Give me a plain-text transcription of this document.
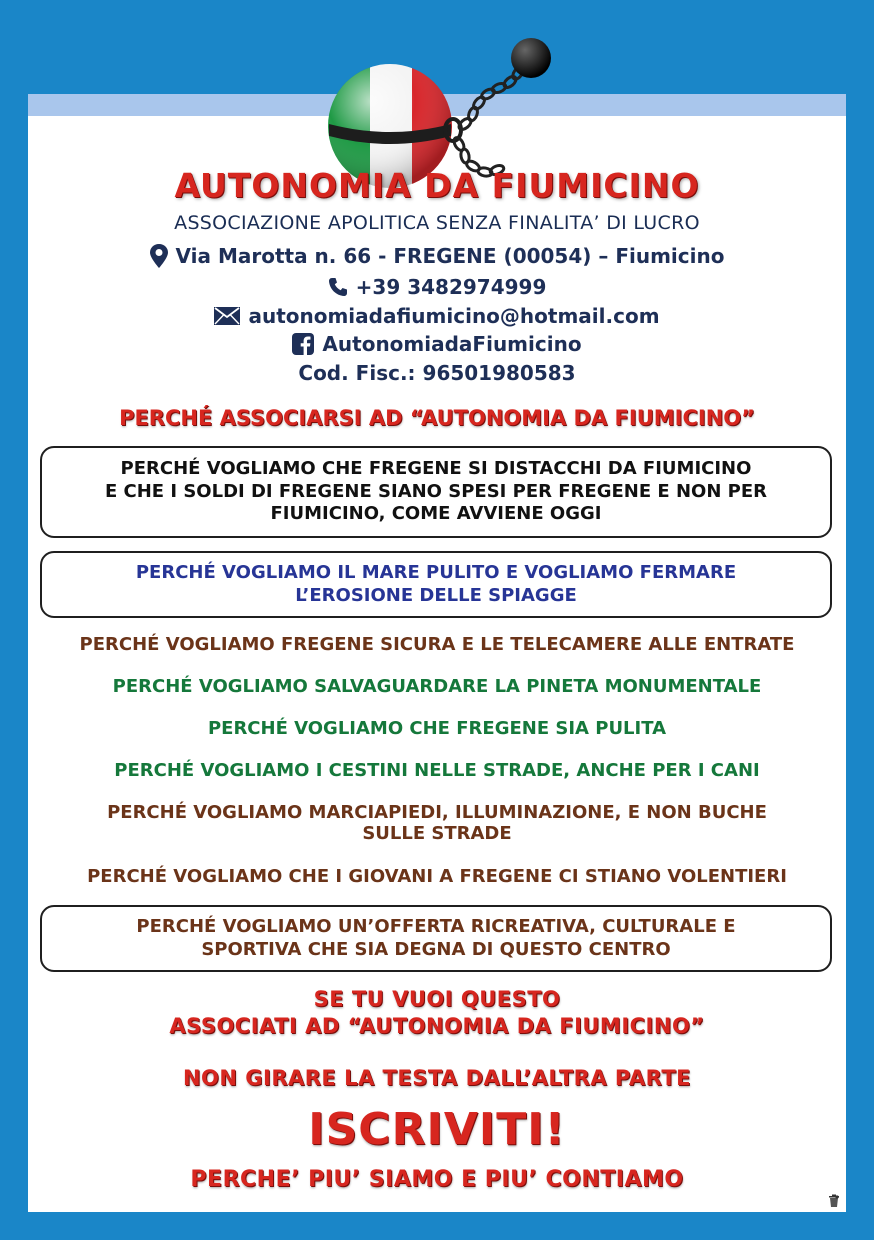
AUTONOMIA DA FIUMICINO
ASSOCIAZIONE APOLITICA SENZA FINALITA’ DI LUCRO
Via Marotta n. 66 - FREGENE (00054) – Fiumicino
+39 3482974999
autonomiadafiumicino@hotmail.com
AutonomiadaFiumicino
Cod. Fisc.: 96501980583
PERCHÉ ASSOCIARSI AD “AUTONOMIA DA FIUMICINO”
PERCHÉ VOGLIAMO CHE FREGENE SI DISTACCHI DA FIUMICINO
E CHE I SOLDI DI FREGENE SIANO SPESI PER FREGENE E NON PER
FIUMICINO, COME AVVIENE OGGI
PERCHÉ VOGLIAMO IL MARE PULITO E VOGLIAMO FERMARE
L’EROSIONE DELLE SPIAGGE
PERCHÉ VOGLIAMO FREGENE SICURA E LE TELECAMERE ALLE ENTRATE
PERCHÉ VOGLIAMO SALVAGUARDARE LA PINETA MONUMENTALE
PERCHÉ VOGLIAMO CHE FREGENE SIA PULITA
PERCHÉ VOGLIAMO I CESTINI NELLE STRADE, ANCHE PER I CANI
PERCHÉ VOGLIAMO MARCIAPIEDI, ILLUMINAZIONE, E NON BUCHE
SULLE STRADE
PERCHÉ VOGLIAMO CHE I GIOVANI A FREGENE CI STIANO VOLENTIERI
PERCHÉ VOGLIAMO UN’OFFERTA RICREATIVA, CULTURALE E
SPORTIVA CHE SIA DEGNA DI QUESTO CENTRO
SE TU VUOI QUESTO
ASSOCIATI AD “AUTONOMIA DA FIUMICINO”
NON GIRARE LA TESTA DALL’ALTRA PARTE
ISCRIVITI!
PERCHE’ PIU’ SIAMO E PIU’ CONTIAMO
